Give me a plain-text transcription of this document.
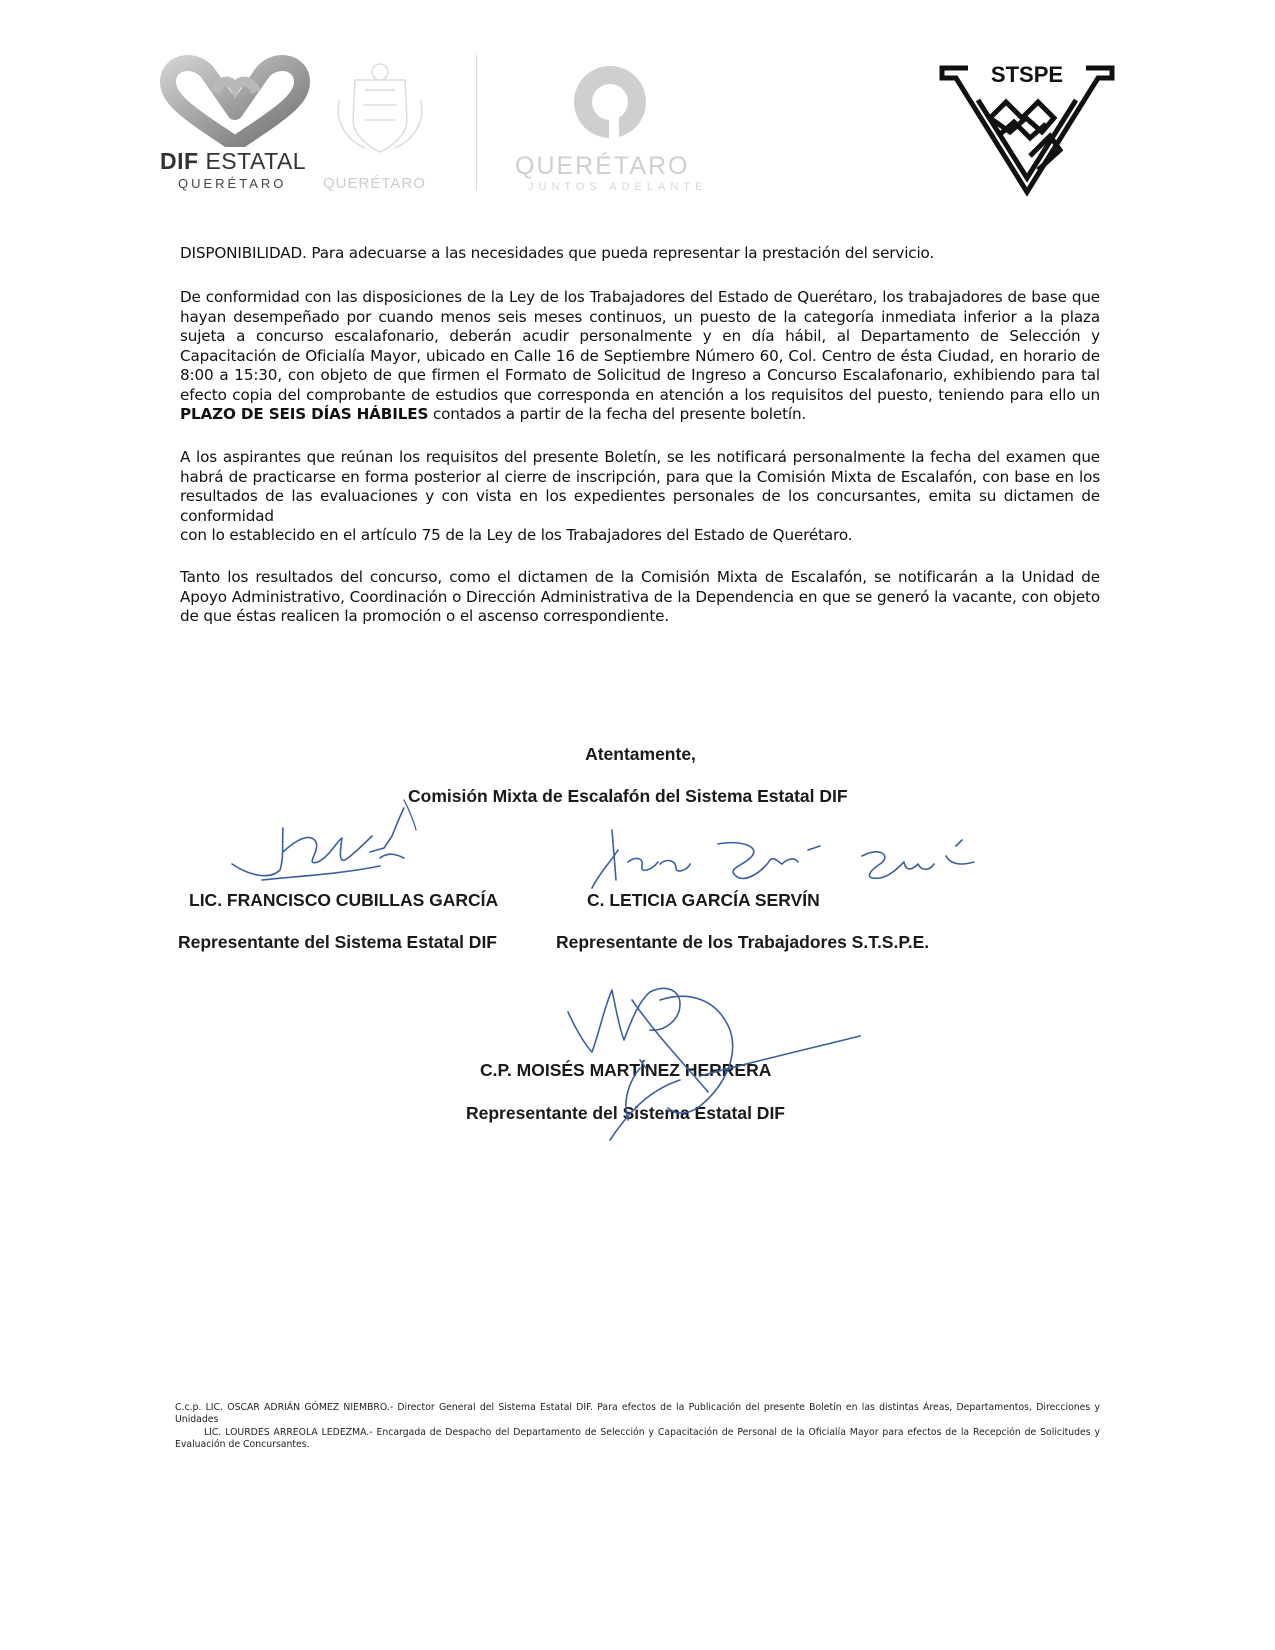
DIF ESTATAL
QUERÉTARO QUERÉTARO
QUERÉTARO
JUNTOS ADELANTE
STSPE
DISPONIBILIDAD. Para adecuarse a las necesidades que pueda representar la prestación del servicio.
De conformidad con las disposiciones de la Ley de los Trabajadores del Estado de Querétaro, los trabajadores de base que hayan desempeñado por cuando menos seis meses continuos, un puesto de la categoría inmediata inferior a la plaza sujeta a concurso escalafonario, deberán acudir personalmente y en día hábil, al Departamento de Selección y Capacitación de Oficialía Mayor, ubicado en Calle 16 de Septiembre Número 60, Col. Centro de ésta Ciudad, en horario de 8:00 a 15:30, con objeto de que firmen el Formato de Solicitud de Ingreso a Concurso Escalafonario, exhibiendo para tal efecto copia del comprobante de estudios que corresponda en atención a los requisitos del puesto, teniendo para ello un PLAZO DE SEIS DÍAS HÁBILES contados a partir de la fecha del presente boletín.
A los aspirantes que reúnan los requisitos del presente Boletín, se les notificará personalmente la fecha del examen que habrá de practicarse en forma posterior al cierre de inscripción, para que la Comisión Mixta de Escalafón, con base en los resultados de las evaluaciones y con vista en los expedientes personales de los concursantes, emita su dictamen de conformidad
con lo establecido en el artículo 75 de la Ley de los Trabajadores del Estado de Querétaro.
Tanto los resultados del concurso, como el dictamen de la Comisión Mixta de Escalafón, se notificarán a la Unidad de Apoyo Administrativo, Coordinación o Dirección Administrativa de la Dependencia en que se generó la vacante, con objeto de que éstas realicen la promoción o el ascenso correspondiente.
Atentamente,
Comisión Mixta de Escalafón del Sistema Estatal DIF
LIC. FRANCISCO CUBILLAS GARCÍA
Representante del Sistema Estatal DIF
C. LETICIA GARCÍA SERVÍN
Representante de los Trabajadores S.T.S.P.E.
C.P. MOISÉS MARTÍNEZ HERRERA
Representante del Sistema Estatal DIF
C.c.p. LIC. OSCAR ADRIÁN GÓMEZ NIEMBRO.- Director General del Sistema Estatal DIF. Para efectos de la Publicación del presente Boletín en las distintas Áreas, Departamentos, Direcciones y Unidades
LIC. LOURDES ARREOLA LEDEZMA.- Encargada de Despacho del Departamento de Selección y Capacitación de Personal de la Oficialía Mayor para efectos de la Recepción de Solicitudes y Evaluación de Concursantes.
